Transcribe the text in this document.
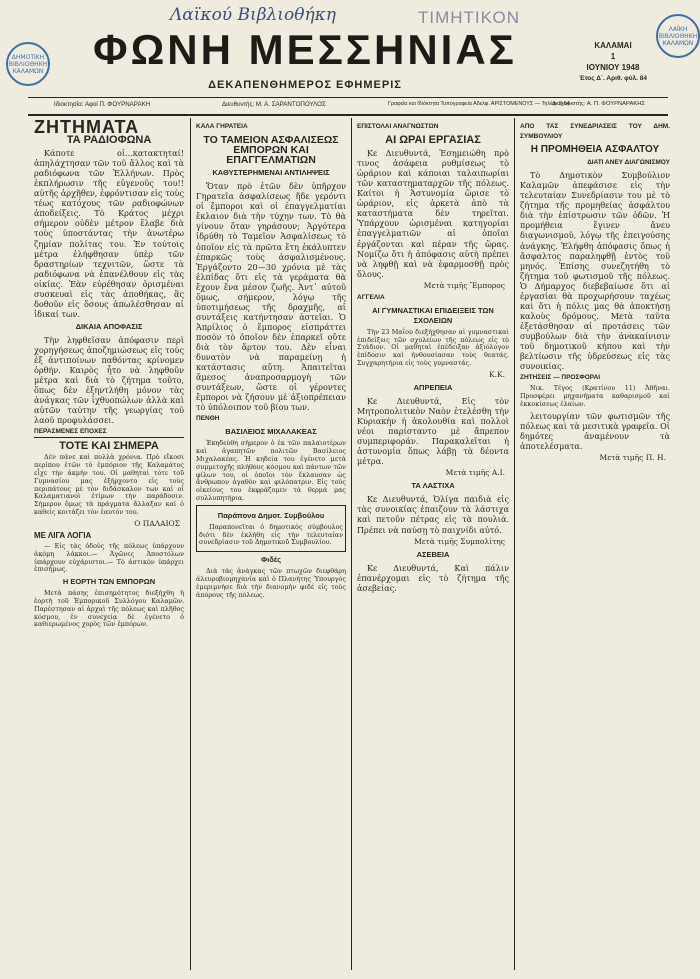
ΔΗΜΟΤΙΚΗ ΒΙΒΛΙΟΘΗΚΗ ΚΑΛΑΜΩΝ
ΛΑΪΚΗ ΒΙΒΛΙΟΘΗΚΗ ΚΑΛΑΜΩΝ
Λαϊκού Βιβλιοθήκη	ΤΙΜΗΤΙΚΟΝ
ΦΩΝΗ ΜΕΣΣΗΝΙΑΣ
ΔΕΚΑΠΕΝΘΗΜΕΡΟΣ ΕΦΗΜΕΡΙΣ
ΚΑΛΑΜΑΙ
1
ΙΟΥΝΙΟΥ 1948
Έτος Δ΄. Αριθ. φύλ. 84
Ιδιοκτησία: Αφοί Π. ΦΟΥΡΝΑΡΑΚΗ	Διευθυντής: Μ. Α. ΣΑΡΑΝΤΟΠΟΥΛΟΣ	Γραφεία και Ιδιόκτητα Τυπογραφεία Αδελφ. ΑΡΙΣΤΟΜΕΝΟΥΣ — Τηλέφ. 2-54
Διαχειριστής: Α. Π. ΦΟΥΡΝΑΡΑΚΗΣ
ΖΗΤΗΜΑΤΑ
ΤΑ ΡΑΔΙΟΦΩΝΑ

Κάποτε οἱ...κατακτηταί! ἀπηλάχτησαν τῶν τοῦ ἄλλος καὶ τὰ ραδιόφωνα τῶν Ἑλλήνων. Πρὸς ἐκπλήρωσιν τῆς εὐγενοῦς του!! αὐτῆς ἀρχῆθεν, ἐφρόντισαν εἰς τοὺς τέως κατόχους τῶν ραδιοφώνων ἀποδείξεις. Τὸ Κράτος μέχρι σήμερον οὐδὲν μέτρον ἔλαβε διὰ τοὺς ὑποστάντας τὴν ἀνωτέρω ζημίαν πολίτας του. Ἐν τούτοις μέτρα ἐλήφθησαν ὑπὲρ τῶν δραστηρίων τεχνιτῶν, ὥστε τὰ ραδιόφωνα νὰ ἐπανέλθουν εἰς τὰς οἰκίας. Ἐὰν εὐρέθησαν ὁρισμέναι συσκευαὶ εἰς τὰς ἀποθήκας, ἂς δοθοῦν εἰς ὅσους ἀπωλέσθησαν αἱ ἰδικαί των.

ΔΙΚΑΙΑ ΑΠΟΦΑΣΙΣ

Τὴν ληφθεῖσαν ἀπόφασιν περὶ χορηγήσεως ἀποζημιώσεως εἰς τοὺς ἐξ ἀντιποίνων παθόντας κρίνομεν ὀρθήν. Καιρὸς ἦτο νὰ ληφθοῦν μέτρα καὶ διὰ τὸ ζήτημα τοῦτο, ὅπως δὲν ἐξηντλήθη μόνον τὰς ἀνάγκας τῶν ἰχθυοπώλων ἀλλὰ καὶ αὐτῶν ταύτην τῆς γεωργίας τοῦ λαοῦ προφυλάσσει.

ΠΕΡΑΣΜΕΝΕΣ ΕΠΟΧΕΣ
ΤΟΤΕ ΚΑΙ ΣΗΜΕΡΑ

Δὲν πάνε καὶ πολλὰ χρόνια. Πρὸ εἴκοσι περίπου ἐτῶν τὸ ἐμπόριον τῆς Καλαμάτος εἶχε τὴν ἀκμήν του. Οἱ μαθηταὶ τότε τοῦ Γυμνασίου μας ἐξήρχοντο εἰς τοὺς περιπάτους μὲ τὸν διδάσκαλον των καὶ οἱ Καλαματιανοὶ ἐτίμων τὴν παράδοσιν. Σήμερον ὅμως τὰ πράγματα ἄλλαξαν καὶ ὁ καθεὶς κοιτάζει τὸν ἑαυτόν του.

Ο ΠΑΛΑΙΟΣ
ΜΕ ΛΙΓΑ ΛΟΓΙΑ

— Εἰς τὰς ὁδοὺς τῆς πόλεως ὑπάρχουν ἀκόμη λάκκοι.— Ἀγῶνες Ἀποστόλων ὑπάρχουν εὐχάριστοι.— Τὸ ἀστικὸν ὑπάρχει ἐπισήμως.

Η ΕΟΡΤΗ ΤΩΝ ΕΜΠΟΡΩΝ

Μετὰ πάσης ἐπισημότητος διεξήχθη ἡ ἑορτὴ τοῦ Ἐμπορικοῦ Συλλόγου Καλαμῶν. Παρέστησαν αἱ ἀρχαὶ τῆς πόλεως καὶ πλῆθος κόσμου, ἐν συνεχείᾳ δὲ ἐγένετο ὁ καθιερωμένος χορὸς τῶν ἐμπόρων.

ΚΑΛΑ ΓΗΡΑΤΕΙΑ
ΤΟ ΤΑΜΕΙΟΝ ΑΣΦΑΛΙΣΕΩΣ ΕΜΠΟΡΩΝ ΚΑΙ ΕΠΑΓΓΕΛΜΑΤΙΩΝ
ΚΑΘΥΣΤΕΡΗΜΕΝΑΙ ΑΝΤΙΛΗΨΕΙΣ

Ὅταν πρὸ ἐτῶν δὲν ὑπῆρχον Γηρατεῖα ἀσφαλίσεως ἥδε γερόντι οἱ ἔμποροι καὶ οἱ ἐπαγγελματίαι ἔκλαιον διὰ τὴν τύχην των. Τὸ θὰ γίνουν ὅταν γηράσουν; Ἀργότερα ἱδρύθη τὸ Ταμεῖον Ἀσφαλίσεως τὸ ὁποῖον εἰς τὰ πρῶτα ἔτη ἐκάλυπτεν ἐπαρκῶς τοὺς ἀσφαλισμένους. Ἐργάζοντο 20—30 χρόνια μὲ τὰς ἐλπίδας ὅτι εἰς τὰ γεράματα θὰ ἔχουν ἕνα μέσον ζωῆς. Ἀντ᾽ αὐτοῦ ὅμως, σήμερον, λόγῳ τῆς ὑποτιμήσεως τῆς δραχμῆς, αἱ συντάξεις κατήντησαν ἀστεῖαι. Ὁ Ἀπρίλιος ὁ ἔμπορος εἰσπράττει ποσὸν τὸ ὁποῖον δὲν ἐπαρκεῖ οὔτε διὰ τὸν ἄρτον του. Δὲν εἶναι δυνατὸν νὰ παραμείνῃ ἡ κατάστασις αὕτη. Ἀπαιτεῖται ἄμεσος ἀναπροσαρμογὴ τῶν συντάξεων, ὥστε οἱ γέροντες ἔμποροι νὰ ζήσουν μὲ ἀξιοπρέπειαν τὸ ὑπόλοιπον τοῦ βίου των.

ΠΕΝΘΗ
ΒΑΣΙΛΕΙΟΣ ΜΙΧΑΛΑΚΕΑΣ

Ἐκηδεύθη σήμερον ὁ ἐκ τῶν παλαιοτέρων καὶ ἀγαπητῶν πολιτῶν Βασίλειος Μιχαλακέας. Ἡ κηδεία του ἐγένετο μετὰ συμμετοχῆς πλήθους κόσμου καὶ πάντων τῶν φίλων του, οἱ ὁποῖοι τὸν ἔκλαυσαν ὡς ἄνθρωπον ἀγαθὸν καὶ φιλόπατριν. Εἰς τοὺς οἰκείους του ἐκφράζομεν τὰ θερμά μας συλλυπητήρια.

Παράπονα Δημοτ. Συμβούλου

Παραπονεῖται ὁ δημοτικὸς σύμβουλος διότι δὲν ἐκλήθη εἰς τὴν τελευταίαν συνεδρίασιν τοῦ Δημοτικοῦ Συμβουλίου.

Φιδές

Διὰ τὰς ἀνάγκας τῶν πτωχῶν διεφθάρη ἀλευροβιομηχανία καὶ ὁ Πλανήτης Ὑπουργὸς ἐμεριμνήσε διὰ τὴν διανομὴν φιδέ εἰς τοὺς ἀπόρους τῆς πόλεως.

ΕΠΙΣΤΟΛΑΙ ΑΝΑΓΝΩΣΤΩΝ
ΑΙ ΩΡΑΙ ΕΡΓΑΣΙΑΣ

Κε Διευθυντά, Ἐσημειώθη πρὸ τινος ἀσάφεια ρυθμίσεως τὸ ὡράριον καὶ κάποιαι ταλαιπωρίαι τῶν καταστηματαρχῶν τῆς πόλεως. Καίτοι ἡ Ἀστυνομία ὥρισε τὸ ὡράριον, εἰς ἀρκετὰ ἀπὸ τὰ καταστήματα δὲν τηρεῖται. Ὑπάρχουν ὡρισμέναι κατηγορίαι ἐπαγγελματιῶν αἱ ὁποῖαι ἐργάζονται καὶ πέραν τῆς ὥρας. Νομίζω ὅτι ἡ ἀπόφασις αὐτὴ πρέπει νὰ ληφθῇ καὶ νὰ ἐφαρμοσθῇ πρὸς ὅλους.

Μετὰ τιμῆς Ἔμπορος
ΑΓΓΕΛΙΑ
ΑΙ ΓΥΜΝΑΣΤΙΚΑΙ ΕΠΙΔΕΙΞΕΙΣ ΤΩΝ ΣΧΟΛΕΙΩΝ

Τὴν 23 Μαΐου διεξήχθησαν αἱ γυμναστικαὶ ἐπιδείξεις τῶν σχολείων τῆς πόλεως εἰς τὸ Στάδιον. Οἱ μαθηταὶ ἐπέδειξαν ἀξιόλογον ἐπίδοσιν καὶ ἠνθουσίασαν τοὺς θεατάς. Συγχαρητήρια εἰς τοὺς γυμναστάς.

Κ.Κ.
ΑΠΡΕΠΕΙΑ

Κε Διευθυντά, Εἰς τὸν Μητροπολιτικὸν Ναὸν ἐτελέσθη τὴν Κυριακὴν ἡ ἀκολουθία καὶ πολλοὶ νέοι παρίσταντο μὲ ἄπρεπον συμπεριφοράν. Παρακαλεῖται ἡ ἀστυνομία ὅπως λάβῃ τὰ δέοντα μέτρα.

Μετὰ τιμῆς Α.Ι.
ΤΑ ΛΑΣΤΙΧΑ

Κε Διευθυντά, Ὀλίγα παιδιὰ εἰς τὰς συνοικίας ἐπαιζουν τὰ λάστιχα καὶ πετοῦν πέτρας εἰς τὰ πουλιά. Πρέπει νὰ παύσῃ τὸ παιχνίδι αὐτό.

Μετὰ τιμῆς Συμπολίτης
ΑΣΕΒΕΙΑ

Κε Διευθυντά, Καὶ πάλιν ἐπανέρχομαι εἰς τὸ ζήτημα τῆς ἀσεβείας.

ΑΠΟ ΤΑΣ ΣΥΝΕΔΡΙΑΣΕΙΣ ΤΟΥ ΔΗΜ. ΣΥΜΒΟΥΛΙΟΥ
Η ΠΡΟΜΗΘΕΙΑ ΑΣΦΑΛΤΟΥ
ΔΙΑΤΙ ΑΝΕΥ ΔΙΑΓΩΝΙΣΜΟΥ

Τὸ Δημοτικὸν Συμβούλιον Καλαμῶν ἀπεφάσισε εἰς τὴν τελευταίαν Συνεδρίασιν του μὲ τὸ ζήτημα τῆς προμηθείας ἀσφάλτου διὰ τὴν ἐπίστρωσιν τῶν ὁδῶν. Ἡ προμήθεια ἔγινεν ἄνευ διαγωνισμοῦ, λόγῳ τῆς ἐπειγούσης ἀνάγκης. Ἐλήφθη ἀπόφασις ὅπως ἡ ἄσφαλτος παραληφθῇ ἐντὸς τοῦ μηνός. Ἐπίσης συνεζητήθη τὸ ζήτημα τοῦ φωτισμοῦ τῆς πόλεως. Ὁ Δήμαρχος διεβεβαίωσε ὅτι αἱ ἐργασίαι θὰ προχωρήσουν ταχέως καὶ ὅτι ἡ πόλις μας θὰ ἀποκτήσῃ καλοὺς δρόμους. Μετὰ ταῦτα ἐξετάσθησαν αἱ προτάσεις τῶν συμβούλων διὰ τὴν ἀνακαίνισιν τοῦ δημοτικοῦ κήπου καὶ τὴν βελτίωσιν τῆς ὑδρεύσεως εἰς τὰς συνοικίας.

ΖΗΤΗΣΕΙΣ — ΠΡΟΣΦΟΡΑΙ

Νικ. Τέγος (Κρατίνου 11) Ἀθῆναι. Προσφέρει μηχανήματα καθαρισμοῦ καὶ ἐκκοκίσεως ἐλαίων.

λειτουργίαν τῶν φωτισμῶν τῆς πόλεως καὶ τὰ μεσιτικὰ γραφεῖα. Οἱ δημότες ἀναμένουν τὰ ἀποτελέσματα.

Μετὰ τιμῆς Π. Η.
